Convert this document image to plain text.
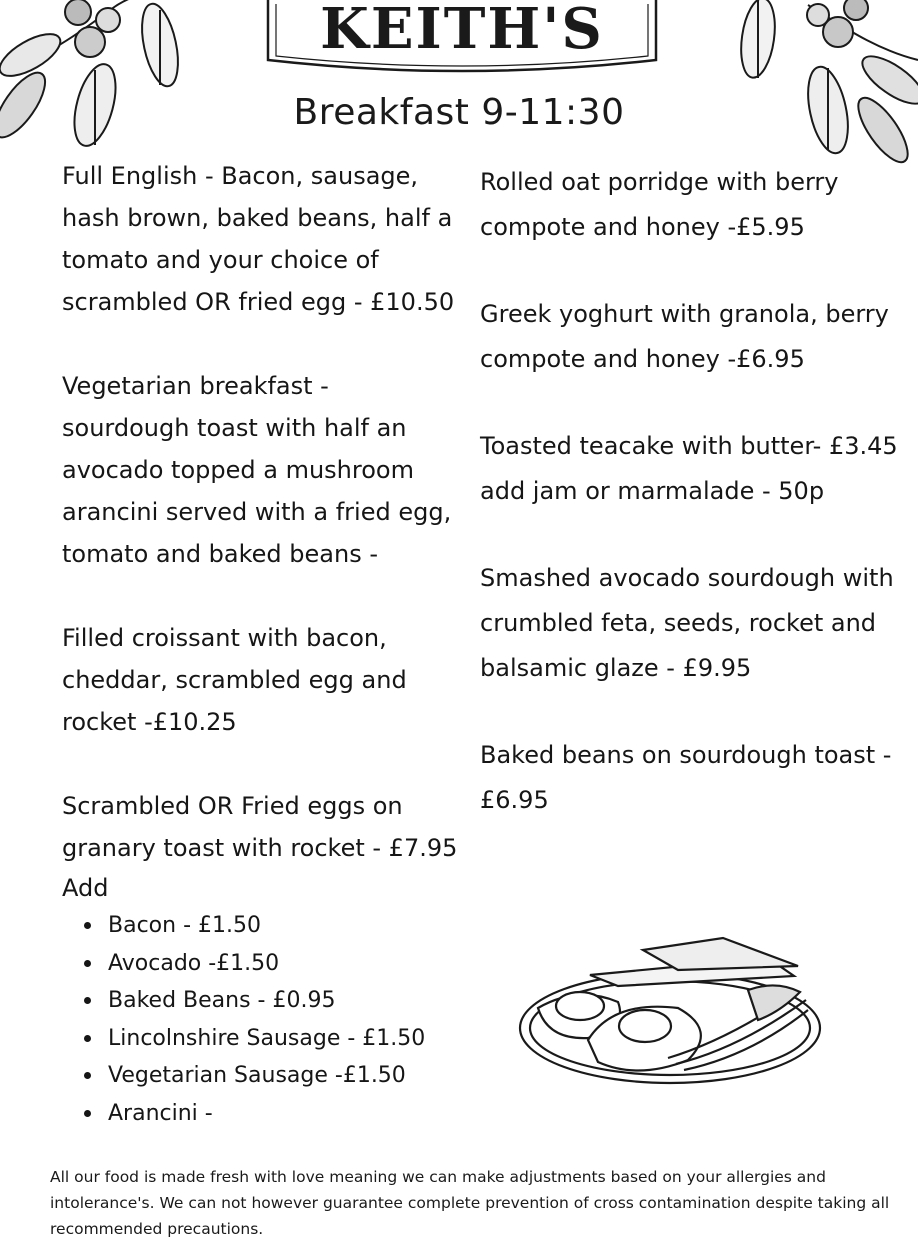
KEITH'S
Breakfast 9-11:30
Full English - Bacon, sausage, hash brown, baked beans, half a tomato and your choice of scrambled OR fried egg - £10.50
Vegetarian breakfast - sourdough toast with half an avocado topped a mushroom arancini served with a fried egg, tomato and baked beans -
Filled croissant with bacon, cheddar, scrambled egg and rocket -£10.25
Scrambled OR Fried eggs on granary toast with rocket - £7.95
Add
Bacon - £1.50
Avocado -£1.50
Baked Beans - £0.95
Lincolnshire Sausage - £1.50
Vegetarian Sausage -£1.50
Arancini -
Rolled oat porridge with berry compote and honey -£5.95
Greek yoghurt with granola, berry compote and honey -£6.95
Toasted teacake with butter- £3.45
add jam or marmalade - 50p
Smashed avocado sourdough with crumbled feta, seeds, rocket and balsamic glaze - £9.95
Baked beans on sourdough toast - £6.95
All our food is made fresh with love meaning we can make adjustments based on your allergies and intolerance's. We can not however guarantee complete prevention of cross contamination despite taking all recommended precautions.
